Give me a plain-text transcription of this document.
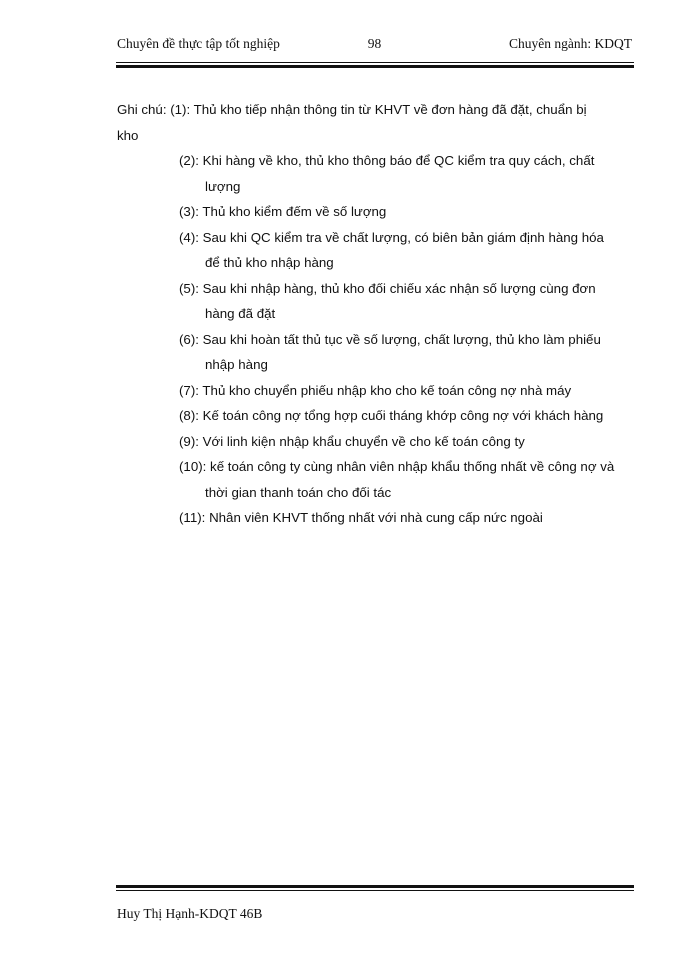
Chuyên đề thực tập tốt nghiệp	98	Chuyên ngành: KDQT

Ghi chú: (1): Thủ kho tiếp nhận thông tin từ KHVT về đơn hàng đã đặt, chuẩn bị
kho

(2): Khi hàng về kho, thủ kho thông báo để QC kiểm tra quy cách, chất
lượng

(3): Thủ kho kiểm đếm về số lượng

(4): Sau khi QC kiểm tra về chất lượng, có biên bản giám định hàng hóa
để thủ kho nhập hàng

(5): Sau khi nhập hàng, thủ kho đối chiếu xác nhận số lượng cùng đơn
hàng đã đặt

(6): Sau khi hoàn tất thủ tục về số lượng, chất lượng, thủ kho làm phiếu
nhập hàng

(7): Thủ kho chuyển phiếu nhập kho cho kế toán công nợ nhà máy

(8): Kế toán công nợ tổng hợp cuối tháng khớp công nợ với khách hàng

(9): Với linh kiện nhập khẩu chuyển về cho kế toán công ty

(10): kế toán công ty cùng nhân viên nhập khẩu thống nhất về công nợ và
thời gian thanh toán cho đối tác

(11): Nhân viên KHVT thống nhất với nhà cung cấp nức ngoài

Huy Thị Hạnh-KDQT 46B
